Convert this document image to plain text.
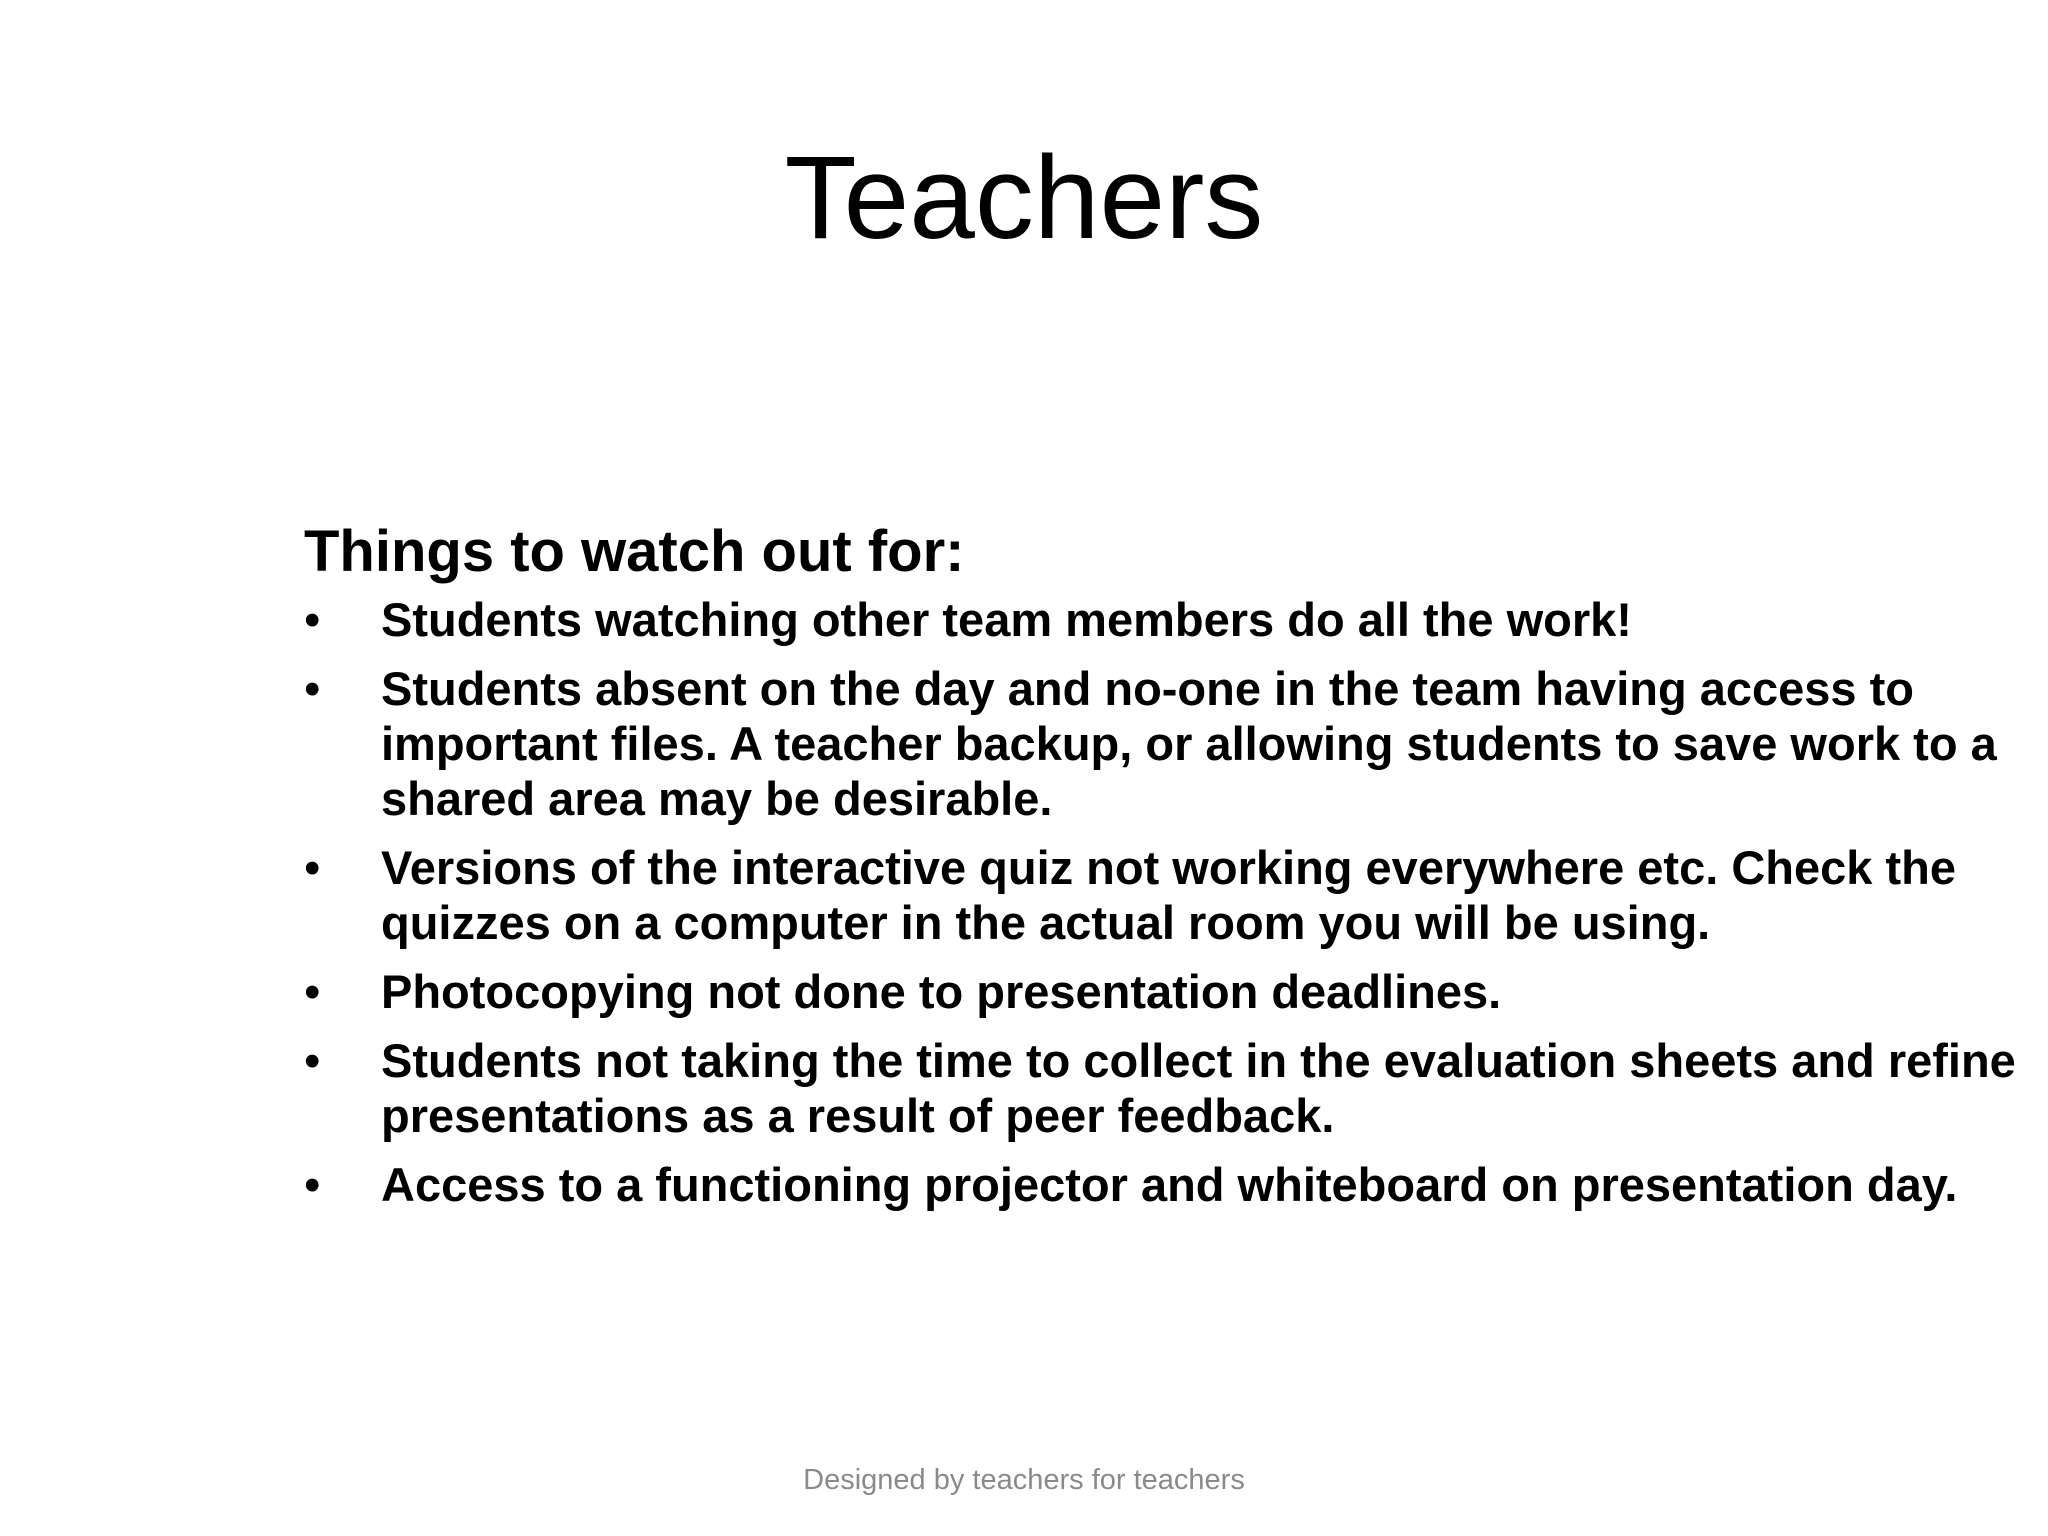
Teachers
Things to watch out for:
•	Students watching other team members do all the work!
•	Students absent on the day and no-one in the team having access to important files. A teacher backup, or allowing students to save work to a shared area may be desirable.
•	Versions of the interactive quiz not working everywhere etc. Check the quizzes on a computer in the actual room you will be using.
•	Photocopying not done to presentation deadlines.
•	Students not taking the time to collect in the evaluation sheets and refine presentations as a result of peer feedback.
•	Access to a functioning projector and whiteboard on presentation day.
Designed by teachers for teachers
